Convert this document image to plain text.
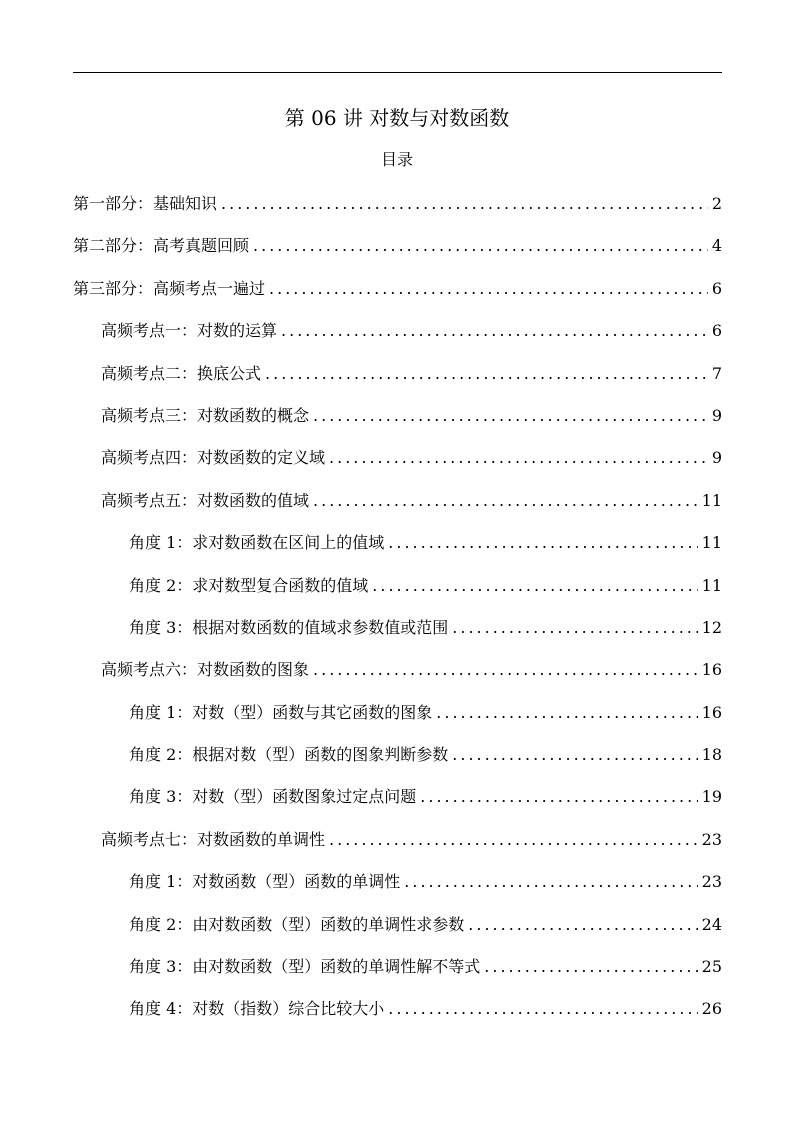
第 06 讲 对数与对数函数
目录
第一部分：基础知识 .....	2
第二部分：高考真题回顾 .....	4
第三部分：高频考点一遍过 .....	6
高频考点一：对数的运算 .....	6
高频考点二：换底公式 .....	7
高频考点三：对数函数的概念 .....	9
高频考点四：对数函数的定义域 .....	9
高频考点五：对数函数的值域 .....	11
角度 1：求对数函数在区间上的值域 .....	11
角度 2：求对数型复合函数的值域 .....	11
角度 3：根据对数函数的值域求参数值或范围 .....	12
高频考点六：对数函数的图象 .....	16
角度 1：对数（型）函数与其它函数的图象 .....	16
角度 2：根据对数（型）函数的图象判断参数 .....	18
角度 3：对数（型）函数图象过定点问题 .....	19
高频考点七：对数函数的单调性 .....	23
角度 1：对数函数（型）函数的单调性 .....	23
角度 2：由对数函数（型）函数的单调性求参数 .....	24
角度 3：由对数函数（型）函数的单调性解不等式 .....	25
角度 4：对数（指数）综合比较大小 .....	26
